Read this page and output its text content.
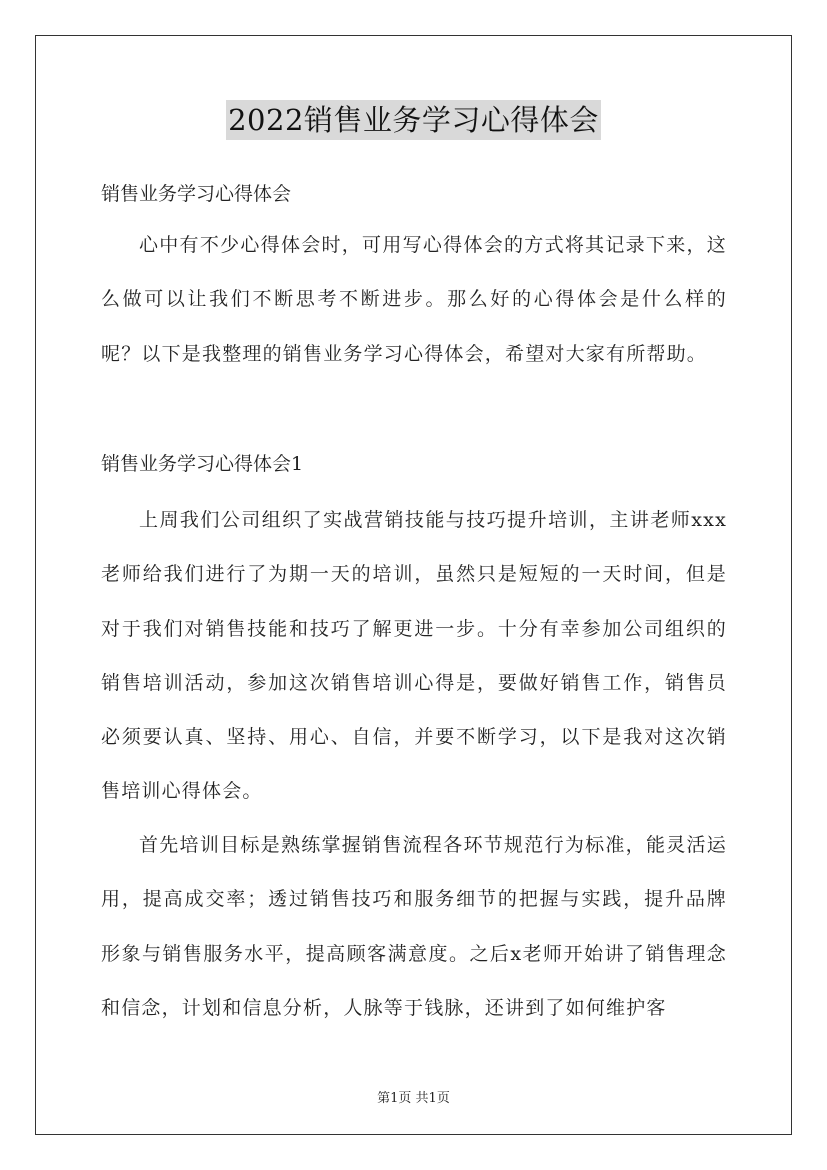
2022销售业务学习心得体会
销售业务学习心得体会

心中有不少心得体会时，可用写心得体会的方式将其记录下来，这么做可以让我们不断思考不断进步。那么好的心得体会是什么样的呢？以下是我整理的销售业务学习心得体会，希望对大家有所帮助。

销售业务学习心得体会1

上周我们公司组织了实战营销技能与技巧提升培训，主讲老师xxx老师给我们进行了为期一天的培训，虽然只是短短的一天时间，但是对于我们对销售技能和技巧了解更进一步。十分有幸参加公司组织的销售培训活动，参加这次销售培训心得是，要做好销售工作，销售员必须要认真、坚持、用心、自信，并要不断学习，以下是我对这次销售培训心得体会。

首先培训目标是熟练掌握销售流程各环节规范行为标准，能灵活运用，提高成交率；透过销售技巧和服务细节的把握与实践，提升品牌形象与销售服务水平，提高顾客满意度。之后x老师开始讲了销售理念和信念，计划和信息分析，人脉等于钱脉，还讲到了如何维护客

第1页 共1页
